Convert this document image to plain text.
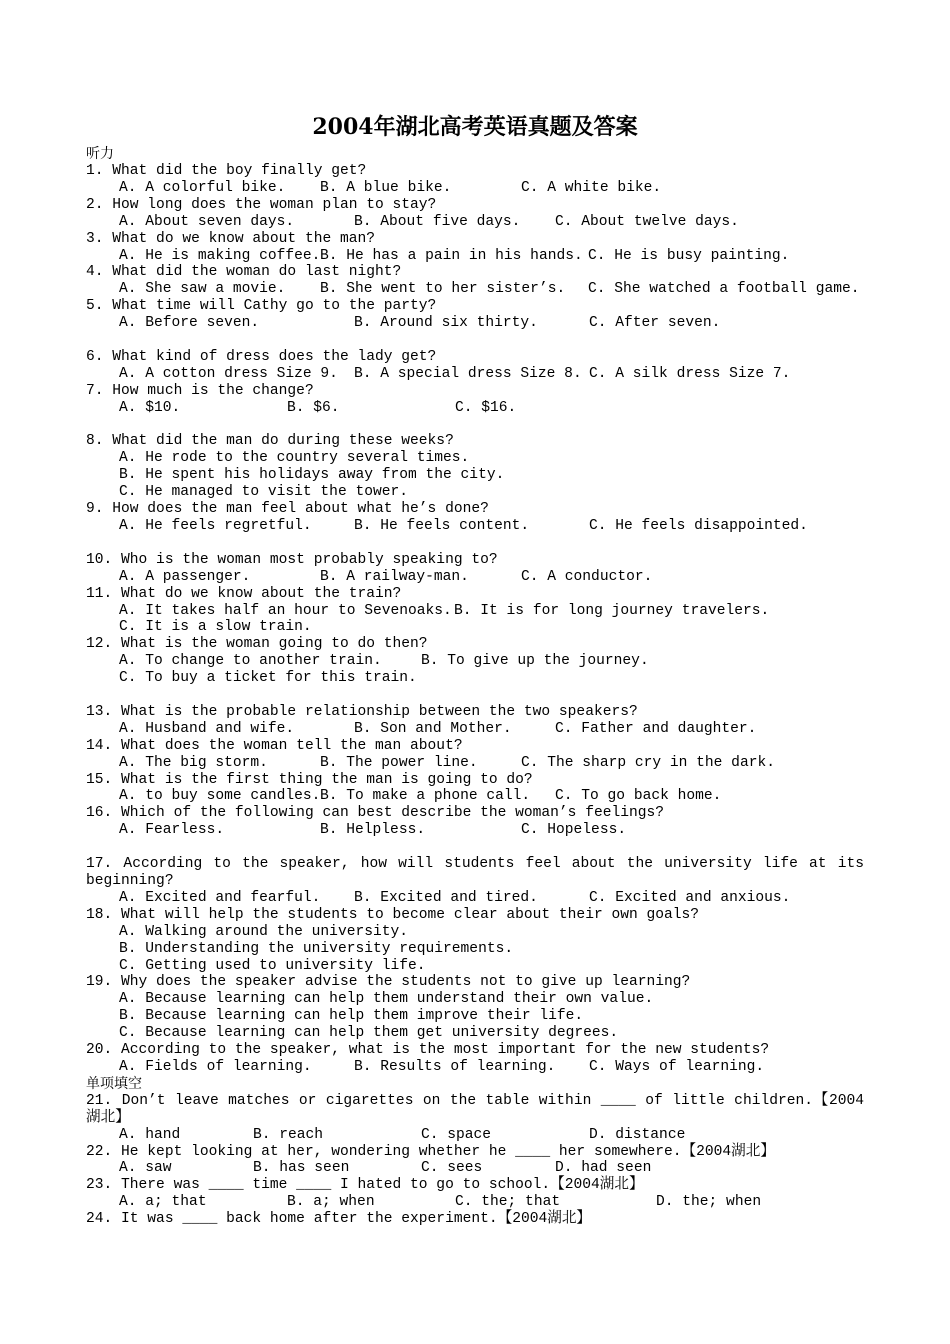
2004年湖北高考英语真题及答案
听力
1. What did the boy finally get?
A. A colorful bike.	B. A blue bike.	C. A white bike.
2. How long does the woman plan to stay?
A. About seven days.	B. About five days.	C. About twelve days.
3. What do we know about the man?
A. He is making coffee. B. He has a pain in his hands. C. He is busy painting.
4. What did the woman do last night?
A. She saw a movie.	B. She went to her sister’s.	C. She watched a football game.
5. What time will Cathy go to the party?
A. Before seven.	B. Around six thirty.	C. After seven.
6. What kind of dress does the lady get?
A. A cotton dress Size 9.	B. A special dress Size 8. C. A silk dress Size 7.
7. How much is the change?
A. $10.	B. $6.	C. $16.
8. What did the man do during these weeks?
A. He rode to the country several times.
B. He spent his holidays away from the city.
C. He managed to visit the tower.
9. How does the man feel about what he’s done?
A. He feels regretful.	B. He feels content.	C. He feels disappointed.
10. Who is the woman most probably speaking to?
A. A passenger.	B. A railway-man.	C. A conductor.
11. What do we know about the train?
A. It takes half an hour to Sevenoaks. B. It is for long journey travelers.
C. It is a slow train.
12. What is the woman going to do then?
A. To change to another train.	B. To give up the journey.
C. To buy a ticket for this train.
13. What is the probable relationship between the two speakers?
A. Husband and wife.	B. Son and Mother.	C. Father and daughter.
14. What does the woman tell the man about?
A. The big storm.	B. The power line.	C. The sharp cry in the dark.
15. What is the first thing the man is going to do?
A. to buy some candles. B. To make a phone call.	C. To go back home.
16. Which of the following can best describe the woman’s feelings?
A. Fearless.	B. Helpless.	C. Hopeless.
17. According to the speaker, how will students feel about the university life at its beginning?
A. Excited and fearful.	B. Excited and tired.	C. Excited and anxious.
18. What will help the students to become clear about their own goals?
A. Walking around the university.
B. Understanding the university requirements.
C. Getting used to university life.
19. Why does the speaker advise the students not to give up learning?
A. Because learning can help them understand their own value.
B. Because learning can help them improve their life.
C. Because learning can help them get university degrees.
20. According to the speaker, what is the most important for the new students?
A. Fields of learning.	B. Results of learning.	C. Ways of learning.
单项填空
21. Don’t leave matches or cigarettes on the table within ____ of little children.【2004湖北】
A. hand	B. reach	C. space	D. distance
22. He kept looking at her, wondering whether he ____ her somewhere.【2004湖北】
A. saw	B. has seen	C. sees	D. had seen
23. There was ____ time ____ I hated to go to school.【2004湖北】
A. a; that	B. a; when	C. the; that	D. the; when
24. It was ____ back home after the experiment.【2004湖北】
